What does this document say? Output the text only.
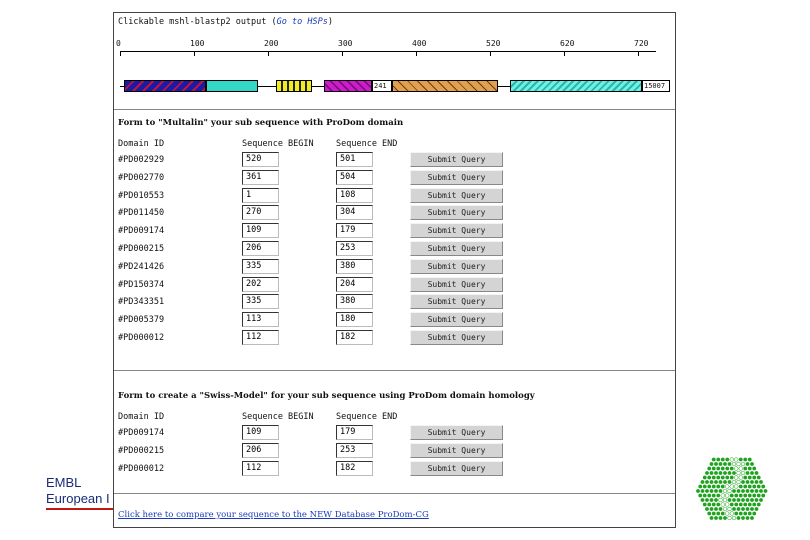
EMBL
European I
Clickable mshl-blastp2 output (Go to HSPs)
0	100	200	300	400	520	620	720
241	15007
Form to "Multalin" your sub sequence with ProDom domain
Domain ID	Sequence BEGIN	Sequence END
#PD002929	520	501	Submit Query
#PD002770	361	504	Submit Query
#PD010553	1	108	Submit Query
#PD011450	270	304	Submit Query
#PD009174	109	179	Submit Query
#PD000215	206	253	Submit Query
#PD241426	335	380	Submit Query
#PD150374	202	204	Submit Query
#PD343351	335	380	Submit Query
#PD005379	113	180	Submit Query
#PD000012	112	182	Submit Query
Form to create a "Swiss-Model" for your sub sequence using ProDom domain homology
Domain ID	Sequence BEGIN	Sequence END
#PD009174	109	179	Submit Query
#PD000215	206	253	Submit Query
#PD000012	112	182	Submit Query
Click here to compare your sequence to the NEW Database ProDom-CG
